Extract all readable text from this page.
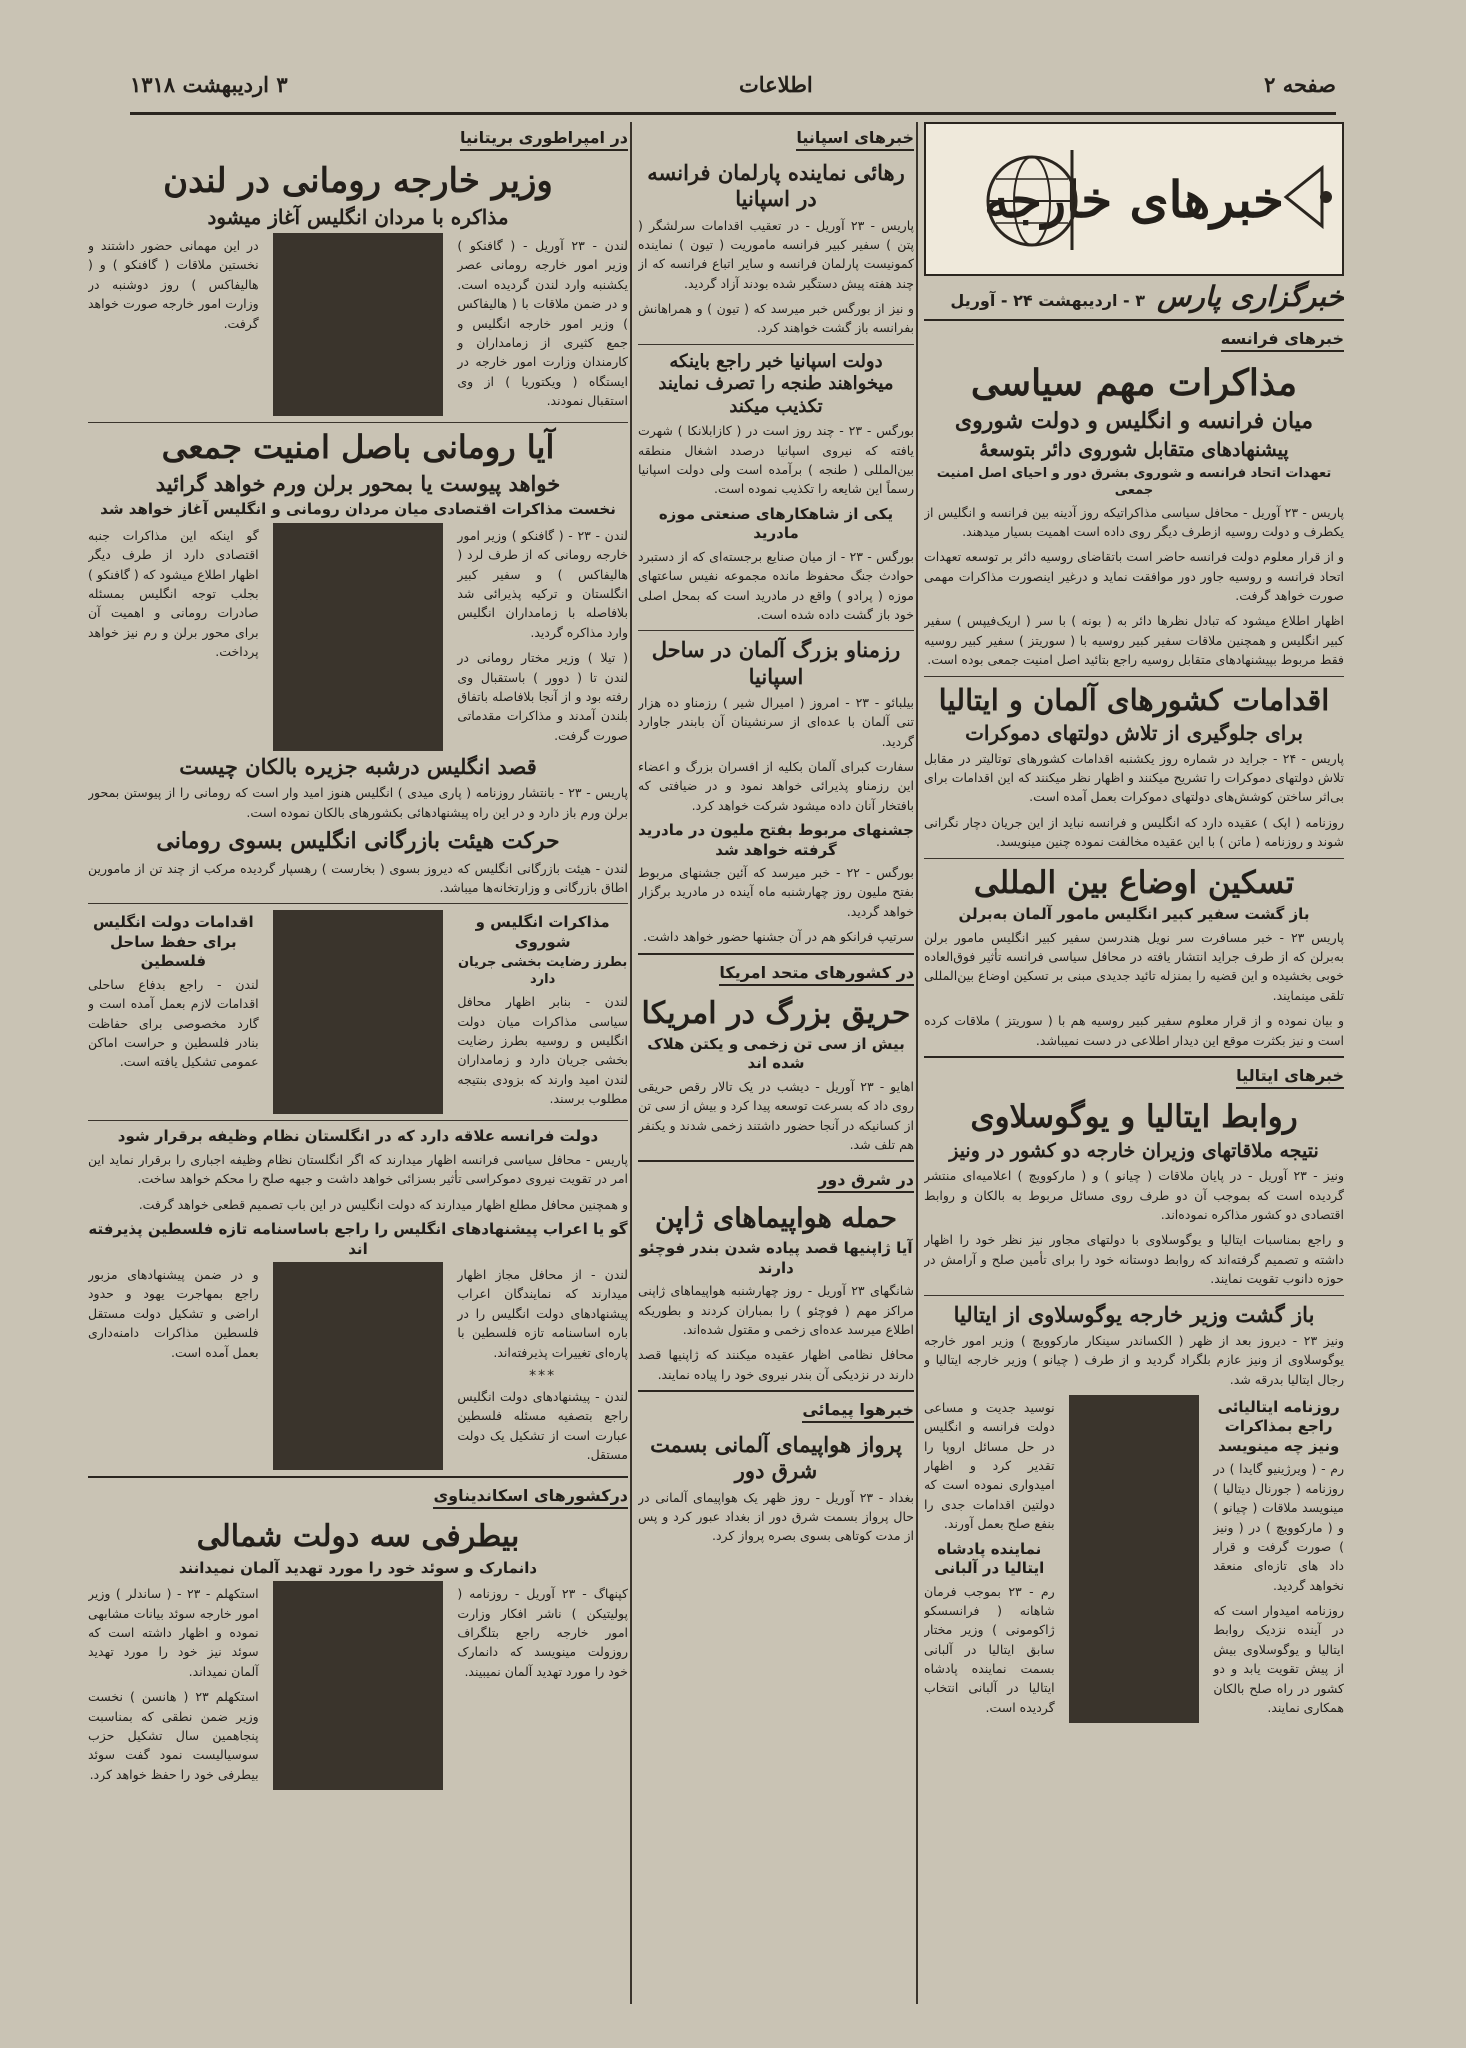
صفحه ۲
اطلاعات
۳ اردیبهشت ۱۳۱۸
خبرهای خارجه
خبرگزاری پارس
۳ - اردیبهشت ۲۴ - آوریل
خبرهای فرانسه
مذاکرات مهم سیاسی
میان فرانسه و انگلیس و دولت شوروی
پیشنهادهای متقابل شوروی دائر بتوسعهٔ
تعهدات اتحاد فرانسه و شوروی بشرق دور و احیای اصل امنیت جمعی
پاریس - ۲۳ آوریل - محافل سیاسی مذاکراتیکه روز آدینه بین فرانسه و انگلیس از یکطرف و دولت روسیه ازطرف دیگر روی داده است اهمیت بسیار میدهند.
و از قرار معلوم دولت فرانسه حاضر است باتقاضای روسیه دائر بر توسعه تعهدات اتحاد فرانسه و روسیه جاور دور موافقت نماید و درغیر اینصورت مذاکرات مهمی صورت خواهد گرفت.
اظهار اطلاع میشود که تبادل نظرها دائر به ( بونه ) با سر ( اریک‌فیپس ) سفیر کبیر انگلیس و همچنین ملاقات سفیر کبیر روسیه با ( سوریتز ) سفیر کبیر روسیه فقط مربوط بپیشنهادهای متقابل روسیه راجع بتائید اصل امنیت جمعی بوده است.
اقدامات کشورهای آلمان و ایتالیا
برای جلوگیری از تلاش دولتهای دموکرات
پاریس - ۲۴ - جراید در شماره روز یکشنبه اقدامات کشورهای توتالیتر در مقابل تلاش دولتهای دموکرات را تشریح میکنند و اظهار نظر میکنند که این اقدامات برای بی‌اثر ساختن کوشش‌های دولتهای دموکرات بعمل آمده است.
روزنامه ( اپک ) عقیده دارد که انگلیس و فرانسه نباید از این جریان دچار نگرانی شوند و روزنامه ( ماتن ) با این عقیده مخالفت نموده چنین مینویسد.
تسکین اوضاع بین المللی
باز گشت سفیر کبیر انگلیس مامور آلمان به‌برلن
پاریس ۲۳ - خبر مسافرت سر نویل هندرسن سفیر کبیر انگلیس مامور برلن به‌برلن که از طرف جراید انتشار یافته در محافل سیاسی فرانسه تأثیر فوق‌العاده خوبی بخشیده و این قضیه را بمنزله تائید جدیدی مبنی بر تسکین اوضاع بین‌المللی تلقی مینمایند.
و بیان نموده و از قرار معلوم سفیر کبیر روسیه هم با ( سوریتز ) ملاقات کرده است و نیز بکثرت موقع این دیدار اطلاعی در دست نمیباشد.
خبرهای ایتالیا
روابط ایتالیا و یوگوسلاوی
نتیجه ملاقاتهای وزیران خارجه دو کشور در ونیز
ونیز - ۲۳ آوریل - در پایان ملاقات ( چیانو ) و ( مارکوویچ ) اعلامیه‌ای منتشر گردیده است که بموجب آن دو طرف روی مسائل مربوط به بالکان و روابط اقتصادی دو کشور مذاکره نموده‌اند.
و راجع بمناسبات ایتالیا و یوگوسلاوی با دولتهای مجاور نیز نظر خود را اظهار داشته و تصمیم گرفته‌اند که روابط دوستانه خود را برای تأمین صلح و آرامش در حوزه دانوب تقویت نمایند.
باز گشت وزیر خارجه یوگوسلاوی از ایتالیا
ونیز ۲۳ - دیروز بعد از ظهر ( الکساندر سینکار مارکوویچ ) وزیر امور خارجه یوگوسلاوی از ونیز عازم بلگراد گردید و از طرف ( چیانو ) وزیر خارجه ایتالیا و رجال ایتالیا بدرقه شد.
روزنامه ایتالیائی راجع بمذاکرات ونیز چه مینویسد
رم - ( ویرژینیو گایدا ) در روزنامه ( جورنال دیتالیا ) مینویسد ملاقات ( چیانو ) و ( مارکوویچ ) در ( ونیز ) صورت گرفت و قرار داد های تازه‌ای منعقد نخواهد گردید.
روزنامه امیدوار است که در آینده نزدیک روابط ایتالیا و یوگوسلاوی بیش از پیش تقویت یابد و دو کشور در راه صلح بالکان همکاری نمایند.
نوسید جدیت و مساعی دولت فرانسه و انگلیس در حل مسائل اروپا را تقدیر کرد و اظهار امیدواری نموده است که دولتین اقدامات جدی را بنفع صلح بعمل آورند.
نماینده پادشاه ایتالیا در آلبانی
رم - ۲۳ بموجب فرمان شاهانه ( فرانسسکو ژاکومونی ) وزیر مختار سابق ایتالیا در آلبانی بسمت نماینده پادشاه ایتالیا در آلبانی انتخاب گردیده است.
خبرهای اسپانیا
رهائی نماینده پارلمان فرانسه در اسپانیا
پاریس - ۲۳ آوریل - در تعقیب اقدامات سرلشگر ( پتن ) سفیر کبیر فرانسه ماموریت ( تیون ) نماینده کمونیست پارلمان فرانسه و سایر اتباع فرانسه که از چند هفته پیش دستگیر شده بودند آزاد گردید.
و نیز از بورگس خبر میرسد که ( تیون ) و همراهانش بفرانسه باز گشت خواهند کرد.
دولت اسپانیا خبر راجع باینکه میخواهند طنجه را تصرف نمایند تکذیب میکند
بورگس - ۲۳ - چند روز است در ( کازابلانکا ) شهرت یافته که نیروی اسپانیا درصدد اشغال منطقه بین‌المللی ( طنجه ) برآمده است ولی دولت اسپانیا رسماً این شایعه را تکذیب نموده است.
یکی از شاهکارهای صنعتی موزه مادرید
بورگس - ۲۳ - از میان صنایع برجسته‌ای که از دستبرد حوادث جنگ محفوظ مانده مجموعه نفیس ساعتهای موزه ( پرادو ) واقع در مادرید است که بمحل اصلی خود باز گشت داده شده است.
رزمناو بزرگ آلمان در ساحل اسپانیا
بیلبائو - ۲۳ - امروز ( امیرال شیر ) رزمناو ده هزار تنی آلمان با عده‌ای از سرنشینان آن بابندر جاوارد گردید.
سفارت کبرای آلمان بکلیه از افسران بزرگ و اعضاء این رزمناو پذیرائی خواهد نمود و در ضیافتی که بافتخار آنان داده میشود شرکت خواهد کرد.
جشنهای مربوط بفتح ملیون در مادرید گرفته خواهد شد
بورگس - ۲۲ - خبر میرسد که آئین جشنهای مربوط بفتح ملیون روز چهارشنبه ماه آینده در مادرید برگزار خواهد گردید.
سرتیپ فرانکو هم در آن جشنها حضور خواهد داشت.
در کشورهای متحد امریکا
حریق بزرگ در امریکا
بیش از سی تن زخمی و یکتن هلاک شده اند
اهایو - ۲۳ آوریل - دیشب در یک تالار رقص حریقی روی داد که بسرعت توسعه پیدا کرد و بیش از سی تن از کسانیکه در آنجا حضور داشتند زخمی شدند و یکنفر هم تلف شد.
در شرق دور
حمله هواپیماهای ژاپن
آیا ژاپنیها قصد پیاده شدن بندر فوچئو دارند
شانگهای ۲۳ آوریل - روز چهارشنبه هواپیماهای ژاپنی مراکز مهم ( فوچئو ) را بمباران کردند و بطوریکه اطلاع میرسد عده‌ای زخمی و مقتول شده‌اند.
محافل نظامی اظهار عقیده میکنند که ژاپنیها قصد دارند در نزدیکی آن بندر نیروی خود را پیاده نمایند.
خبرهوا پیمائی
پرواز هواپیمای آلمانی بسمت شرق دور
بغداد - ۲۳ آوریل - روز ظهر یک هواپیمای آلمانی در حال پرواز بسمت شرق دور از بغداد عبور کرد و پس از مدت کوتاهی بسوی بصره پرواز کرد.
در امپراطوری بریتانیا
وزیر خارجه رومانی در لندن
مذاکره با مردان انگلیس آغاز میشود
لندن - ۲۳ آوریل - ( گافنکو ) وزیر امور خارجه رومانی عصر یکشنبه وارد لندن گردیده است. و در ضمن ملاقات با ( هالیفاکس ) وزیر امور خارجه انگلیس و جمع کثیری از زمامداران و کارمندان وزارت امور خارجه در ایستگاه ( ویکتوریا ) از وی استقبال نمودند.
در این مهمانی حضور داشتند و نخستین ملاقات ( گافنکو ) و ( هالیفاکس ) روز دوشنبه در وزارت امور خارجه صورت خواهد گرفت.
آیا رومانی باصل امنیت جمعی
خواهد پیوست یا بمحور برلن ورم خواهد گرائید
نخست مذاکرات اقتصادی میان مردان رومانی و انگلیس آغاز خواهد شد
لندن - ۲۳ - ( گافنکو ) وزیر امور خارجه رومانی که از طرف لرد ( هالیفاکس ) و سفیر کبیر انگلستان و ترکیه پذیرائی شد بلافاصله با زمامداران انگلیس وارد مذاکره گردید.
( تیلا ) وزیر مختار رومانی در لندن تا ( دوور ) باستقبال وی رفته بود و از آنجا بلافاصله باتفاق بلندن آمدند و مذاکرات مقدماتی صورت گرفت.
گو اینکه این مذاکرات جنبه اقتصادی دارد از طرف دیگر اظهار اطلاع میشود که ( گافنکو ) بجلب توجه انگلیس بمسئله صادرات رومانی و اهمیت آن برای محور برلن و رم نیز خواهد پرداخت.
قصد انگلیس درشبه جزیره بالکان چیست
پاریس - ۲۳ - بانتشار روزنامه ( پاری میدی ) انگلیس هنوز امید وار است که رومانی را از پیوستن بمحور برلن ورم باز دارد و در این راه پیشنهادهائی بکشورهای بالکان نموده است.
حرکت هیئت بازرگانی انگلیس بسوی رومانی
لندن - هیئت بازرگانی انگلیس که دیروز بسوی ( بخارست ) رهسپار گردیده مرکب از چند تن از مامورین اطاق بازرگانی و وزارتخانه‌ها میباشد.
مذاکرات انگلیس و شوروی
بطرز رضایت بخشی جریان دارد
لندن - بنابر اظهار محافل سیاسی مذاکرات میان دولت انگلیس و روسیه بطرز رضایت بخشی جریان دارد و زمامداران لندن امید وارند که بزودی بنتیجه مطلوب برسند.
اقدامات دولت انگلیس برای حفظ ساحل فلسطین
لندن - راجع بدفاع ساحلی اقدامات لازم بعمل آمده است و گارد مخصوصی برای حفاظت بنادر فلسطین و حراست اماکن عمومی تشکیل یافته است.
دولت فرانسه علاقه دارد که در انگلستان نظام وظیفه برقرار شود
پاریس - محافل سیاسی فرانسه اظهار میدارند که اگر انگلستان نظام وظیفه اجباری را برقرار نماید این امر در تقویت نیروی دموکراسی تأثیر بسزائی خواهد داشت و جبهه صلح را محکم خواهد ساخت.
و همچنین محافل مطلع اظهار میدارند که دولت انگلیس در این باب تصمیم قطعی خواهد گرفت.
گو یا اعراب پیشنهادهای انگلیس را راجع باساسنامه تازه فلسطین پذیرفته اند
لندن - از محافل مجاز اظهار میدارند که نمایندگان اعراب پیشنهادهای دولت انگلیس را در باره اساسنامه تازه فلسطین با پاره‌ای تغییرات پذیرفته‌اند.
***
لندن - پیشنهادهای دولت انگلیس راجع بتصفیه مسئله فلسطین عبارت است از تشکیل یک دولت مستقل.
و در ضمن پیشنهادهای مزبور راجع بمهاجرت یهود و حدود اراضی و تشکیل دولت مستقل فلسطین مذاکرات دامنه‌داری بعمل آمده است.
درکشورهای اسکاندیناوی
بیطرفی سه دولت شمالی
دانمارک و سوئد خود را مورد تهدید آلمان نمیدانند
کپنهاگ - ۲۳ آوریل - روزنامه ( پولیتیکن ) ناشر افکار وزارت امور خارجه راجع بتلگراف روزولت مینویسد که دانمارک خود را مورد تهدید آلمان نمیبیند.
استکهلم - ۲۳ - ( ساندلر ) وزیر امور خارجه سوئد بیانات مشابهی نموده و اظهار داشته است که سوئد نیز خود را مورد تهدید آلمان نمیداند.
استکهلم ۲۳ ( هانسن ) نخست وزیر ضمن نطقی که بمناسبت پنجاهمین سال تشکیل حزب سوسیالیست نمود گفت سوئد بیطرفی خود را حفظ خواهد کرد.
